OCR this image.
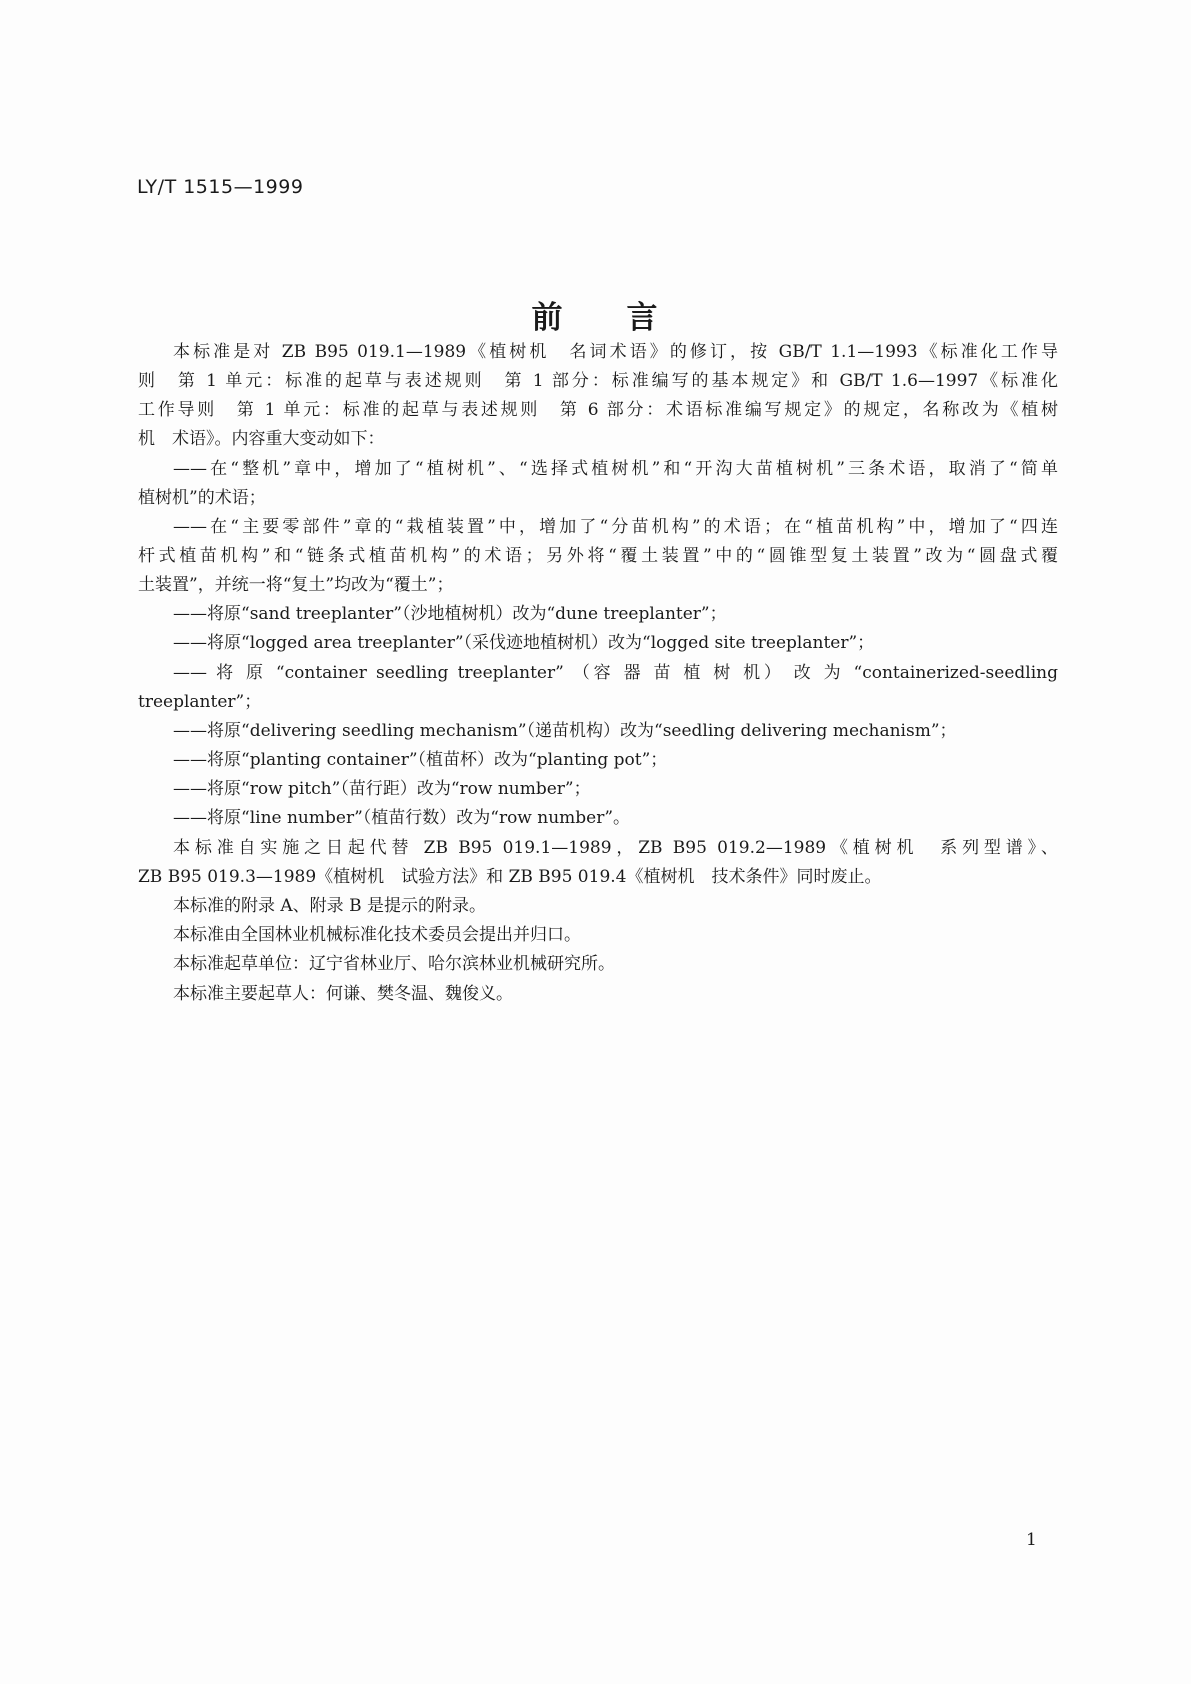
LY/T 1515—1999
前 言
本标准是对 ZB B95 019.1—1989《植树机　名词术语》的修订，按 GB/T 1.1—1993《标准化工作导
则　第 1 单元：标准的起草与表述规则　第 1 部分：标准编写的基本规定》和 GB/T 1.6—1997《标准化
工作导则　第 1 单元：标准的起草与表述规则　第 6 部分：术语标准编写规定》的规定，名称改为《植树
机　术语》。内容重大变动如下：
——在“整机”章中，增加了“植树机”、“选择式植树机”和“开沟大苗植树机”三条术语，取消了“简单
植树机”的术语；
——在“主要零部件”章的“栽植装置”中，增加了“分苗机构”的术语；在“植苗机构”中，增加了“四连
杆式植苗机构”和“链条式植苗机构”的术语；另外将“覆土装置”中的“圆锥型复土装置”改为“圆盘式覆
土装置”，并统一将“复土”均改为“覆土”；
——将原“sand treeplanter”（沙地植树机）改为“dune treeplanter”；
——将原“logged area treeplanter”（采伐迹地植树机）改为“logged site treeplanter”；
—— 将 原 “container seedling treeplanter” （容 器 苗 植 树 机） 改 为 “containerized-seedling
treeplanter”；
——将原“delivering seedling mechanism”（递苗机构）改为“seedling delivering mechanism”；
——将原“planting container”（植苗杯）改为“planting pot”；
——将原“row pitch”（苗行距）改为“row number”；
——将原“line number”（植苗行数）改为“row number”。
本标准自实施之日起代替 ZB B95 019.1—1989，ZB B95 019.2—1989《植树机　系列型谱》、
ZB B95 019.3—1989《植树机　试验方法》和 ZB B95 019.4《植树机　技术条件》同时废止。
本标准的附录 A、附录 B 是提示的附录。
本标准由全国林业机械标准化技术委员会提出并归口。
本标准起草单位：辽宁省林业厅、哈尔滨林业机械研究所。
本标准主要起草人：何谦、樊冬温、魏俊义。
1
